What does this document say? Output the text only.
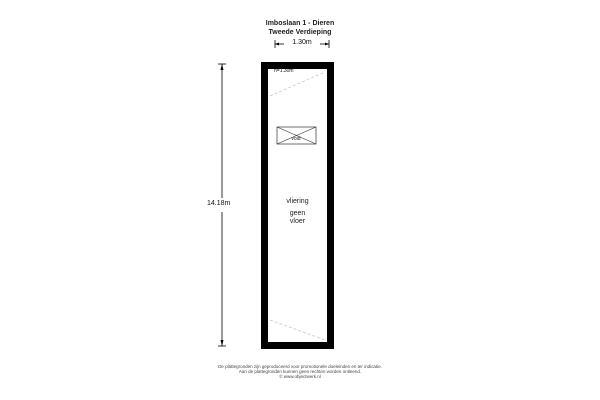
Imboslaan 1 - Dieren
Tweede Verdieping
1.30m
14.18m
h=1.30m
void
vliering
geen
vloer
De plattegronden zijn geproduceerd voor promotionele doeleinden en ter indicatie.
Aan de plattegronden kunnen geen rechten worden ontleend.
© www.objectwerk.nl
